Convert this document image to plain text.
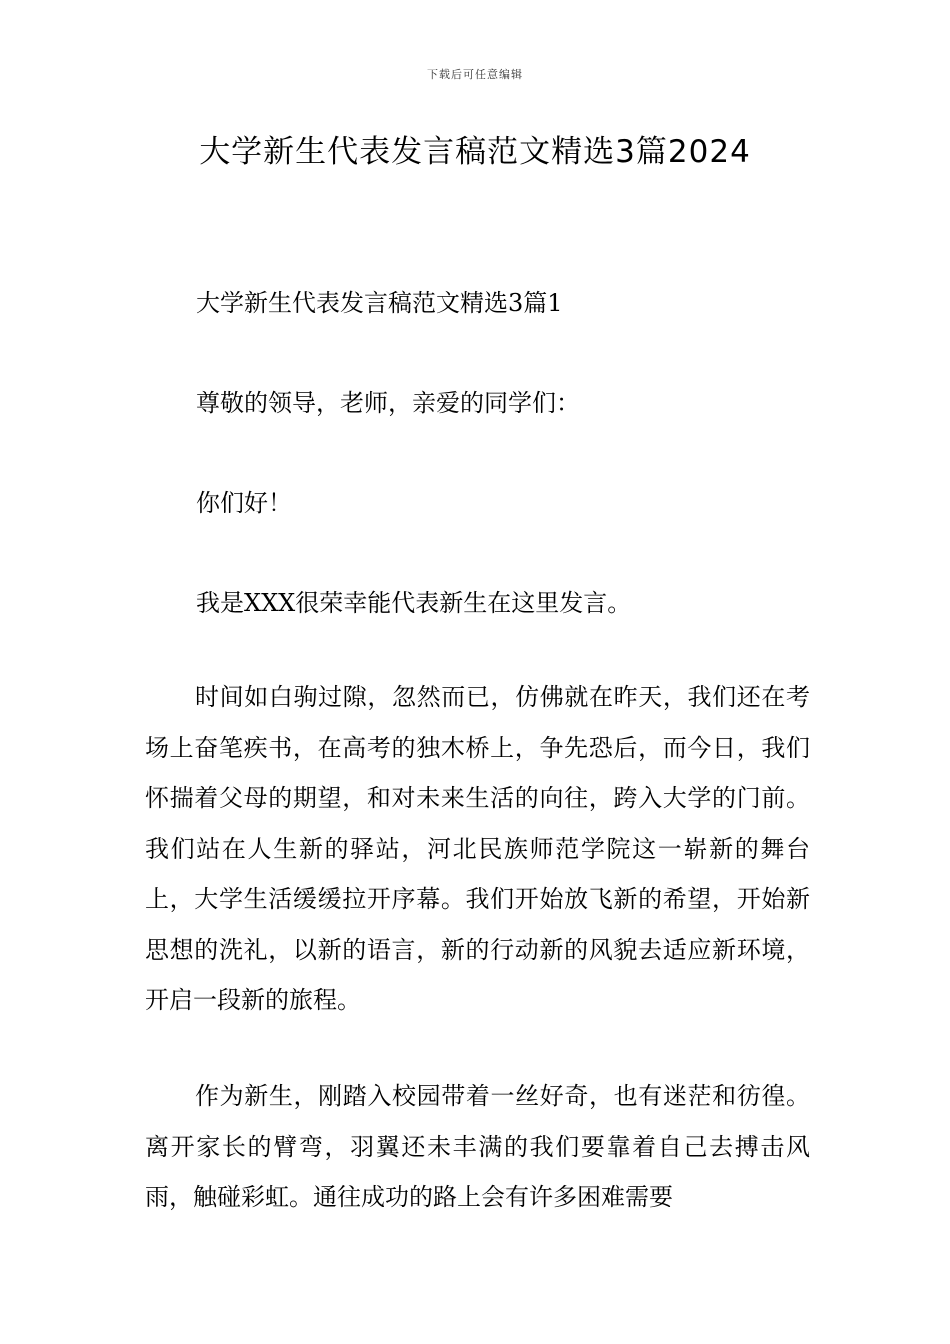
下载后可任意编辑
大学新生代表发言稿范文精选3篇2024

大学新生代表发言稿范文精选3篇1

尊敬的领导，老师，亲爱的同学们：

你们好！

我是XXX很荣幸能代表新生在这里发言。

时间如白驹过隙，忽然而已，仿佛就在昨天，我们还在考场上奋笔疾书，在高考的独木桥上，争先恐后，而今日，我们怀揣着父母的期望，和对未来生活的向往，跨入大学的门前。我们站在人生新的驿站，河北民族师范学院这一崭新的舞台上，大学生活缓缓拉开序幕。我们开始放飞新的希望，开始新思想的洗礼，以新的语言，新的行动新的风貌去适应新环境，开启一段新的旅程。

作为新生，刚踏入校园带着一丝好奇，也有迷茫和彷徨。离开家长的臂弯，羽翼还未丰满的我们要靠着自己去搏击风雨，触碰彩虹。通往成功的路上会有许多困难需要
